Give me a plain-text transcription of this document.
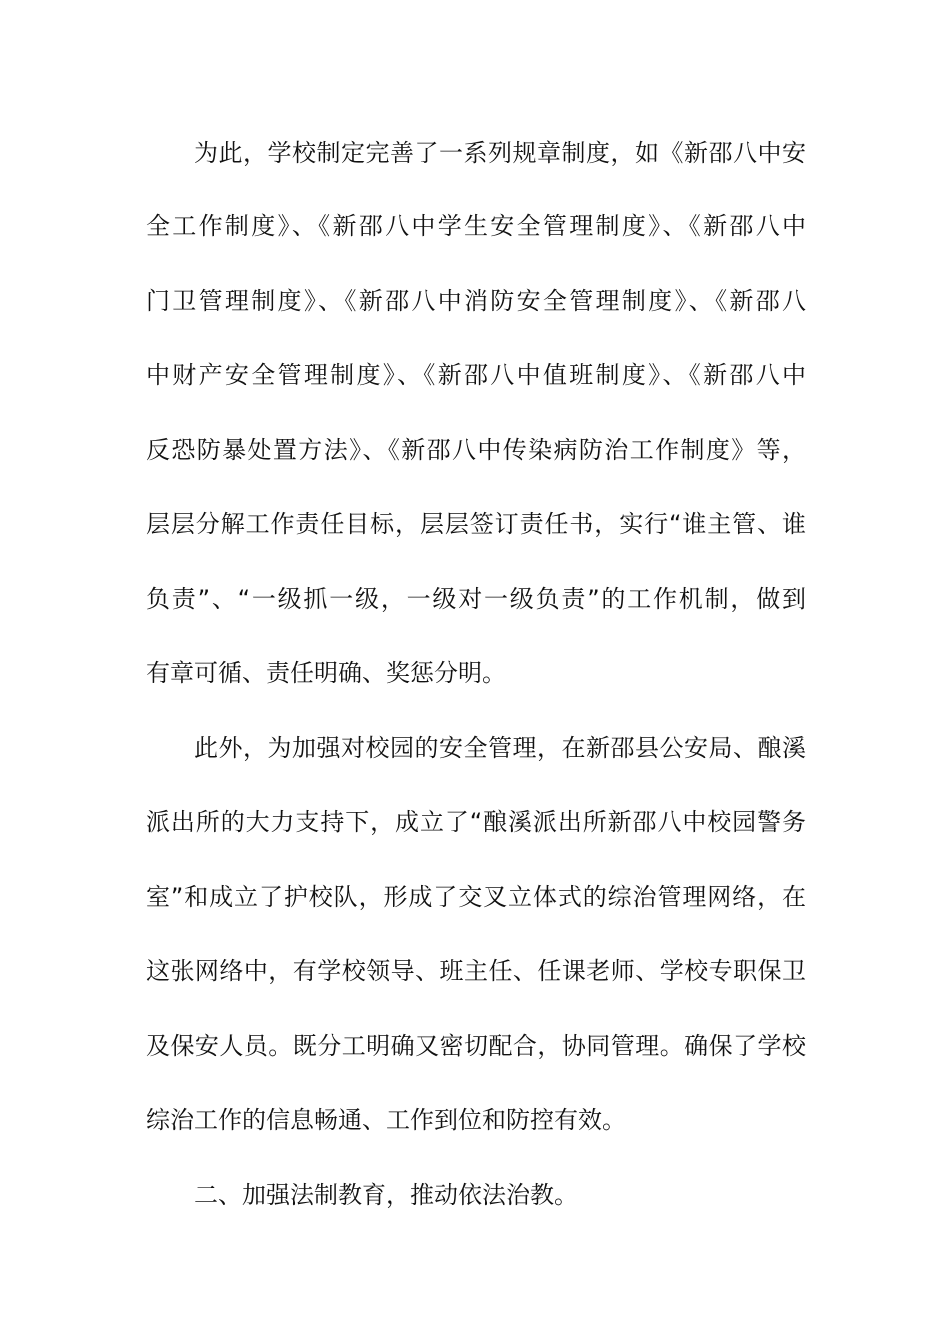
为此，学校制定完善了一系列规章制度，如《新邵八中安
全工作制度》、《新邵八中学生安全管理制度》、《新邵八中
门卫管理制度》、《新邵八中消防安全管理制度》、《新邵八
中财产安全管理制度》、《新邵八中值班制度》、《新邵八中
反恐防暴处置方法》、《新邵八中传染病防治工作制度》等，
层层分解工作责任目标，层层签订责任书，实行“谁主管、谁
负责”、“一级抓一级，一级对一级负责”的工作机制，做到
有章可循、责任明确、奖惩分明。
此外，为加强对校园的安全管理，在新邵县公安局、酿溪
派出所的大力支持下，成立了“酿溪派出所新邵八中校园警务
室”和成立了护校队，形成了交叉立体式的综治管理网络，在
这张网络中，有学校领导、班主任、任课老师、学校专职保卫
及保安人员。既分工明确又密切配合，协同管理。确保了学校
综治工作的信息畅通、工作到位和防控有效。
二、加强法制教育，推动依法治教。
